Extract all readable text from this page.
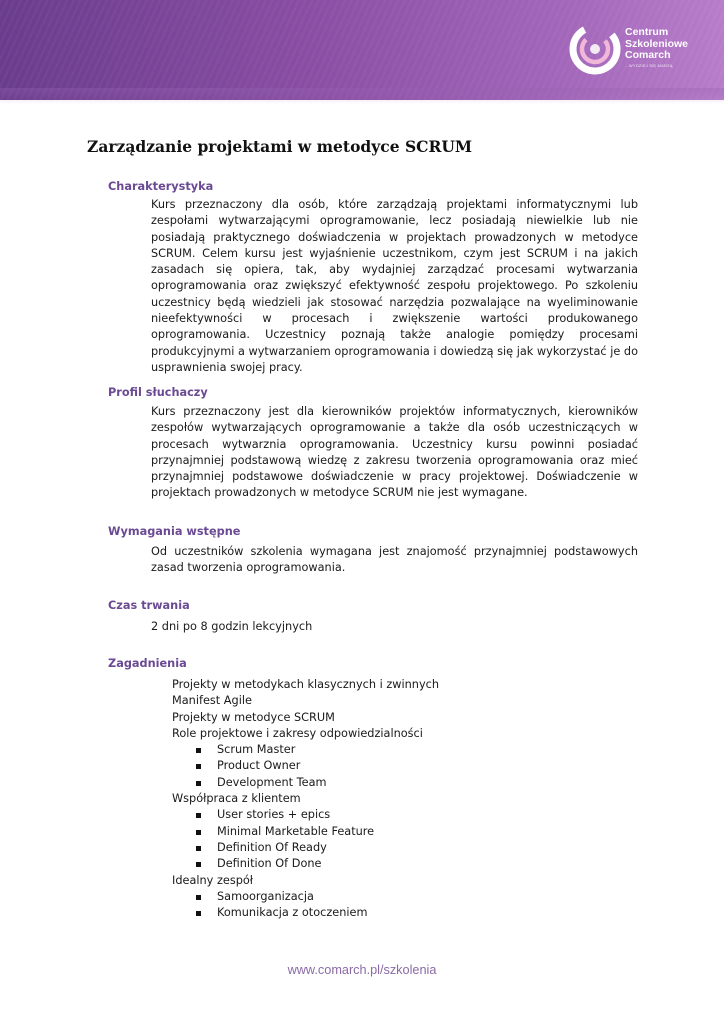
Centrum
Szkoleniowe
Comarch
...WYDZIEJ SIĘ MARZĄ
Zarządzanie projektami w metodyce SCRUM
Charakterystyka
Kurs przeznaczony dla osób, które zarządzają projektami informatycznymi lub zespołami wytwarzającymi oprogramowanie, lecz posiadają niewielkie lub nie posiadają praktycznego doświadczenia w projektach prowadzonych w metodyce SCRUM. Celem kursu jest wyjaśnienie uczestnikom, czym jest SCRUM i na jakich zasadach się opiera, tak, aby wydajniej zarządzać procesami wytwarzania oprogramowania oraz zwiększyć efektywność zespołu projektowego. Po szkoleniu uczestnicy będą wiedzieli jak stosować narzędzia pozwalające na wyeliminowanie nieefektywności w procesach i zwiększenie wartości produkowanego oprogramowania. Uczestnicy poznają także analogie pomiędzy procesami produkcyjnymi a wytwarzaniem oprogramowania i dowiedzą się jak wykorzystać je do usprawnienia swojej pracy.
Profil słuchaczy
Kurs przeznaczony jest dla kierowników projektów informatycznych, kierowników zespołów wytwarzających oprogramowanie a także dla osób uczestniczących w procesach wytwarznia oprogramowania. Uczestnicy kursu powinni posiadać przynajmniej podstawową wiedzę z zakresu tworzenia oprogramowania oraz mieć przynajmniej podstawowe doświadczenie w pracy projektowej. Doświadczenie w projektach prowadzonych w metodyce SCRUM nie jest wymagane.
Wymagania wstępne
Od uczestników szkolenia wymagana jest znajomość przynajmniej podstawowych zasad tworzenia oprogramowania.
Czas trwania
2 dni po 8 godzin lekcyjnych
Zagadnienia
Projekty w metodykach klasycznych i zwinnych
Manifest Agile
Projekty w metodyce SCRUM
Role projektowe i zakresy odpowiedzialności
Scrum Master
Product Owner
Development Team
Współpraca z klientem
User stories + epics
Minimal Marketable Feature
Definition Of Ready
Definition Of Done
Idealny zespół
Samoorganizacja
Komunikacja z otoczeniem
www.comarch.pl/szkolenia
